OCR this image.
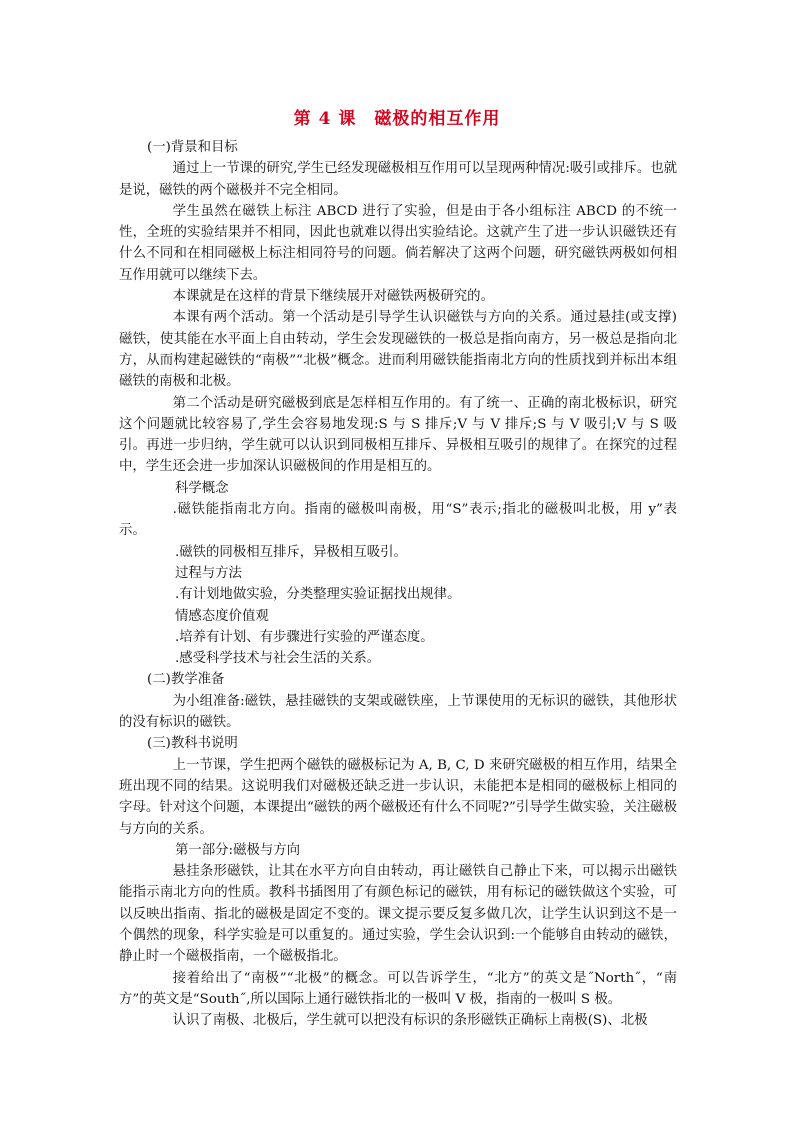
第 4 课 磁极的相互作用

(一)背景和目标

通过上一节课的研究,学生已经发现磁极相互作用可以呈现两种情况:吸引或排斥。也就是说，磁铁的两个磁极并不完全相同。

学生虽然在磁铁上标注 ABCD 进行了实验，但是由于各小组标注 ABCD 的不统一性，全班的实验结果并不相同，因此也就难以得出实验结论。这就产生了进一步认识磁铁还有什么不同和在相同磁极上标注相同符号的问题。倘若解决了这两个问题，研究磁铁两极如何相互作用就可以继续下去。

本课就是在这样的背景下继续展开对磁铁两极研究的。

本课有两个活动。第一个活动是引导学生认识磁铁与方向的关系。通过悬挂(或支撑)磁铁，使其能在水平面上自由转动，学生会发现磁铁的一极总是指向南方，另一极总是指向北方，从而构建起磁铁的“南极”“北极”概念。进而利用磁铁能指南北方向的性质找到并标出本组磁铁的南极和北极。

第二个活动是研究磁极到底是怎样相互作用的。有了统一、正确的南北极标识，研究这个问题就比较容易了,学生会容易地发现:S 与 S 排斥;V 与 V 排斥;S 与 V 吸引;V 与 S 吸引。再进一步归纳，学生就可以认识到同极相互排斥、异极相互吸引的规律了。在探究的过程中，学生还会进一步加深认识磁极间的作用是相互的。

科学概念

.磁铁能指南北方向。指南的磁极叫南极，用“S”表示;指北的磁极叫北极，用 y”表示。

.磁铁的同极相互排斥，异极相互吸引。

过程与方法

.有计划地做实验，分类整理实验证据找出规律。

情感态度价值观

.培养有计划、有步骤进行实验的严谨态度。

.感受科学技术与社会生活的关系。

(二)教学准备

为小组准备:磁铁，悬挂磁铁的支架或磁铁座，上节课使用的无标识的磁铁，其他形状的没有标识的磁铁。

(三)教科书说明

上一节课，学生把两个磁铁的磁极标记为 A, B, C, D 来研究磁极的相互作用，结果全班出现不同的结果。这说明我们对磁极还缺乏进一步认识，未能把本是相同的磁极标上相同的字母。针对这个问题，本课提出“磁铁的两个磁极还有什么不同呢?”引导学生做实验，关注磁极与方向的关系。

第一部分:磁极与方向

悬挂条形磁铁，让其在水平方向自由转动，再让磁铁自己静止下来，可以揭示出磁铁能指示南北方向的性质。教科书插图用了有颜色标记的磁铁，用有标记的磁铁做这个实验，可以反映出指南、指北的磁极是固定不变的。课文提示要反复多做几次，让学生认识到这不是一个偶然的现象，科学实验是可以重复的。通过实验，学生会认识到:一个能够自由转动的磁铁，静止时一个磁极指南，一个磁极指北。

接着给出了“南极”“北极”的概念。可以告诉学生，“北方”的英文是˝North˝，“南方”的英文是“South˝,所以国际上通行磁铁指北的一极叫 V 极，指南的一极叫 S 极。

认识了南极、北极后，学生就可以把没有标识的条形磁铁正确标上南极(S)、北极
